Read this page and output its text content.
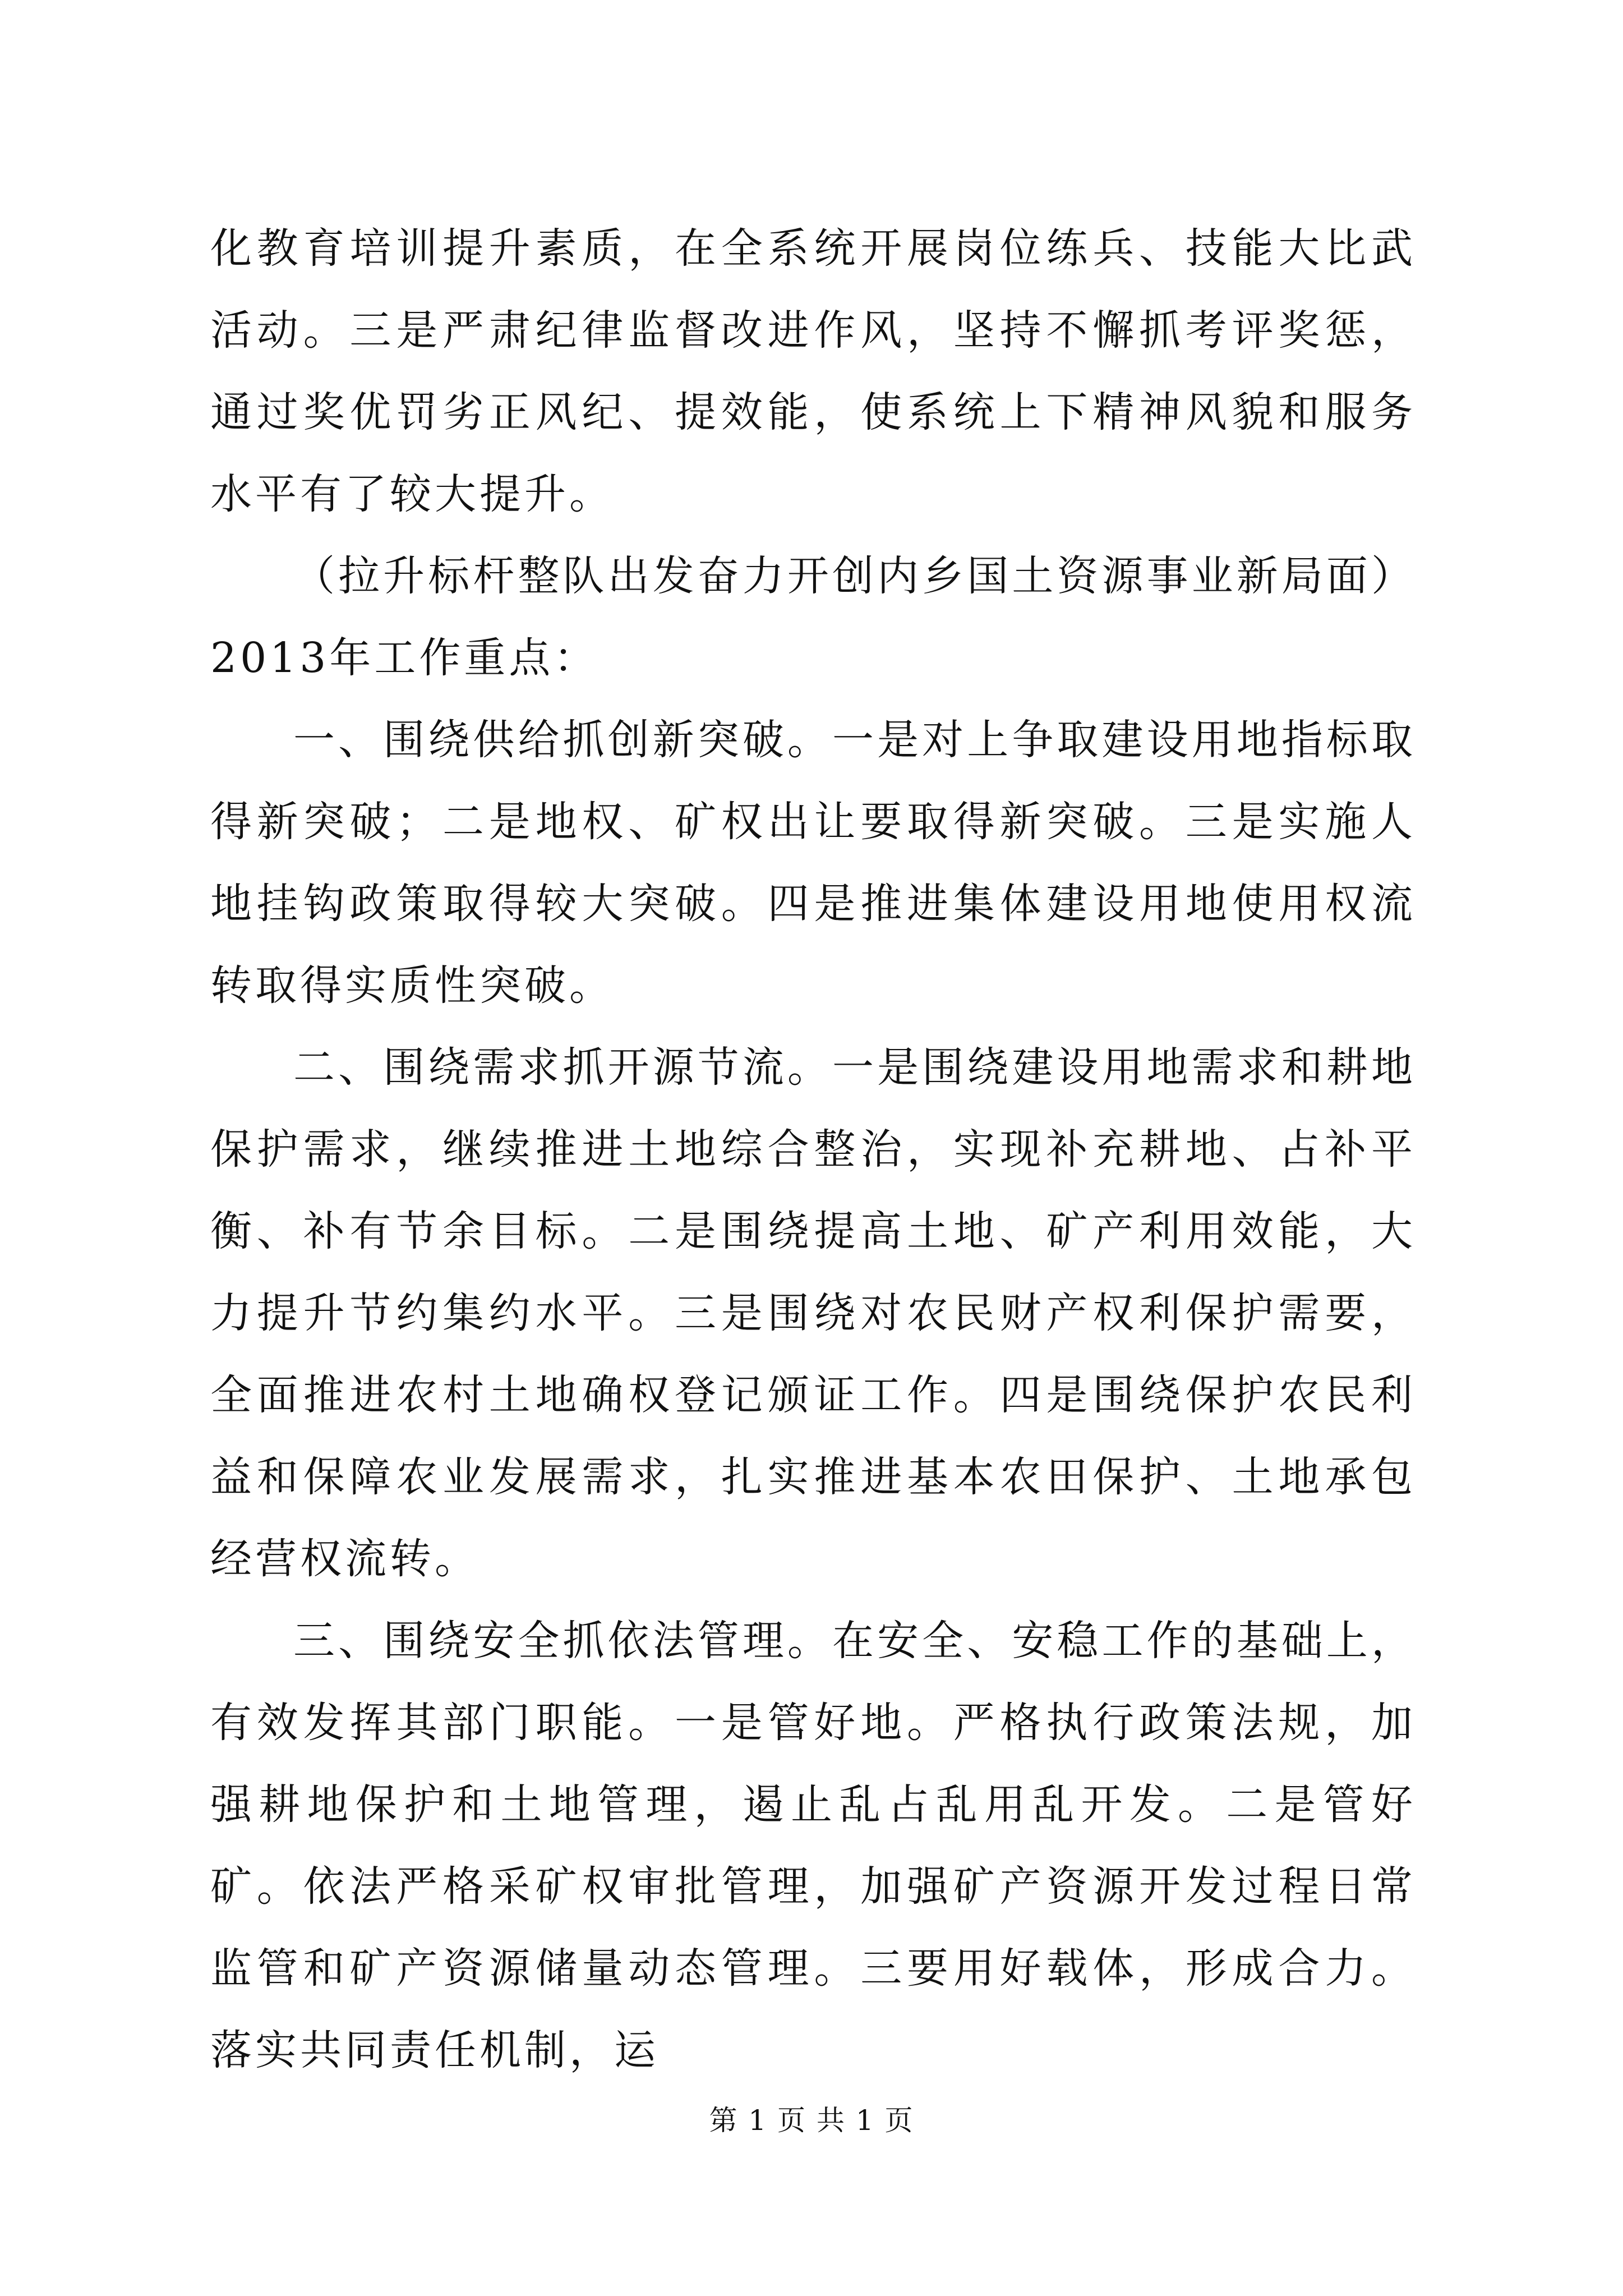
化教育培训提升素质，在全系统开展岗位练兵、技能大比武活动。三是严肃纪律监督改进作风，坚持不懈抓考评奖惩，通过奖优罚劣正风纪、提效能，使系统上下精神风貌和服务水平有了较大提升。

（拉升标杆整队出发奋力开创内乡国土资源事业新局面）2013年工作重点：

一、围绕供给抓创新突破。一是对上争取建设用地指标取得新突破；二是地权、矿权出让要取得新突破。三是实施人地挂钩政策取得较大突破。四是推进集体建设用地使用权流转取得实质性突破。

二、围绕需求抓开源节流。一是围绕建设用地需求和耕地保护需求，继续推进土地综合整治，实现补充耕地、占补平衡、补有节余目标。二是围绕提高土地、矿产利用效能，大力提升节约集约水平。三是围绕对农民财产权利保护需要，全面推进农村土地确权登记颁证工作。四是围绕保护农民利益和保障农业发展需求，扎实推进基本农田保护、土地承包经营权流转。

三、围绕安全抓依法管理。在安全、安稳工作的基础上，有效发挥其部门职能。一是管好地。严格执行政策法规，加强耕地保护和土地管理，遏止乱占乱用乱开发。二是管好矿。依法严格采矿权审批管理，加强矿产资源开发过程日常监管和矿产资源储量动态管理。三要用好载体，形成合力。落实共同责任机制，运

第 1 页 共 1 页
